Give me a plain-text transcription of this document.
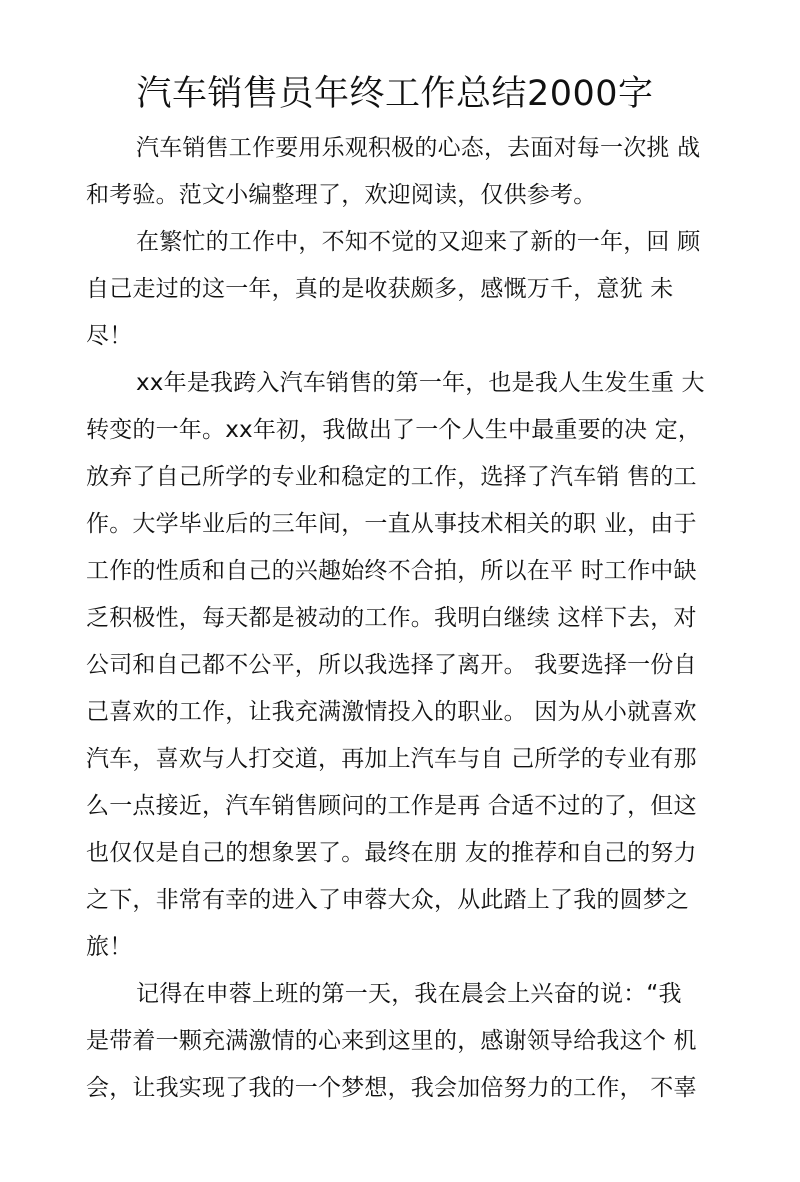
汽车销售员年终工作总结2000字
汽车销售工作要用乐观积极的心态，去面对每一次挑 战
和考验。范文小编整理了，欢迎阅读，仅供参考。
在繁忙的工作中，不知不觉的又迎来了新的一年，回 顾
自己走过的这一年，真的是收获颇多，感慨万千，意犹 未
尽！
xx年是我跨入汽车销售的第一年，也是我人生发生重 大
转变的一年。xx年初，我做出了一个人生中最重要的决 定，
放弃了自己所学的专业和稳定的工作，选择了汽车销 售的工
作。大学毕业后的三年间，一直从事技术相关的职 业，由于
工作的性质和自己的兴趣始终不合拍，所以在平 时工作中缺
乏积极性，每天都是被动的工作。我明白继续 这样下去，对
公司和自己都不公平，所以我选择了离开。 我要选择一份自
己喜欢的工作，让我充满激情投入的职业。 因为从小就喜欢
汽车，喜欢与人打交道，再加上汽车与自 己所学的专业有那
么一点接近，汽车销售顾问的工作是再 合适不过的了，但这
也仅仅是自己的想象罢了。最终在朋 友的推荐和自己的努力
之下，非常有幸的进入了申蓉大众，从此踏上了我的圆梦之
旅！
记得在申蓉上班的第一天，我在晨会上兴奋的说：“我
是带着一颗充满激情的心来到这里的，感谢领导给我这个 机
会，让我实现了我的一个梦想，我会加倍努力的工作， 不辜
